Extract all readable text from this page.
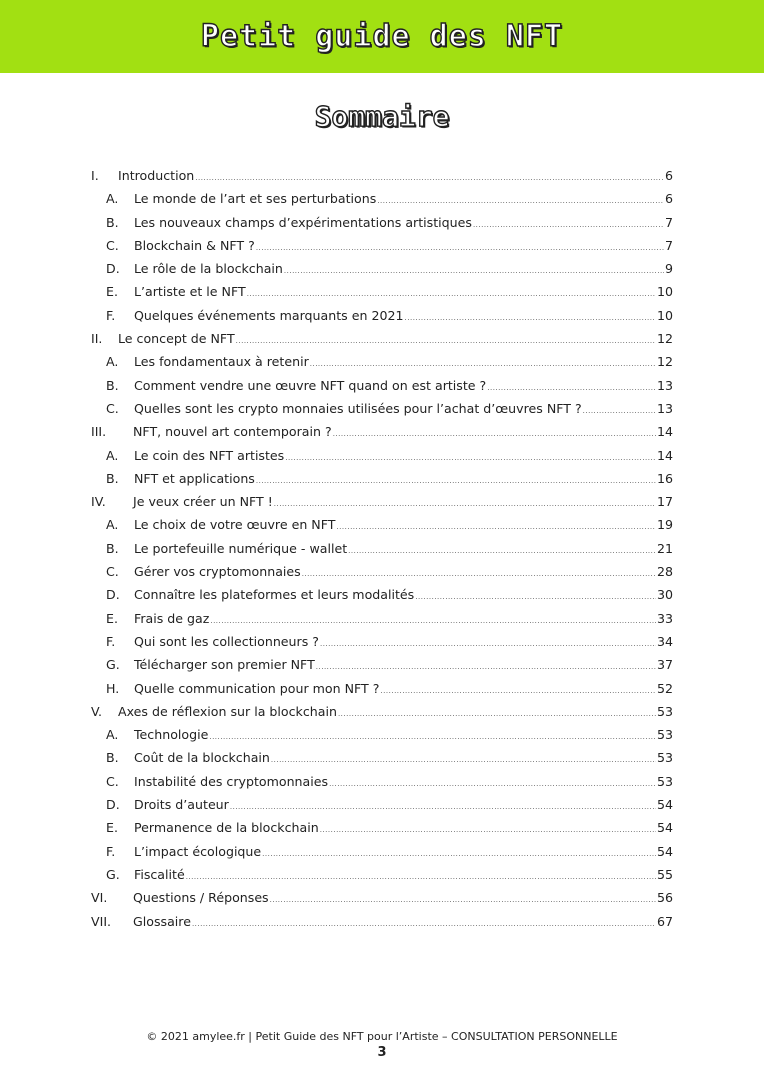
Petit guide des NFT
Sommaire
I.	Introduction .....	6
A.	Le monde de l’art et ses perturbations .....	6
B.	Les nouveaux champs d’expérimentations artistiques .....	7
C.	Blockchain & NFT ? .....	7
D.	Le rôle de la blockchain .....	9
E.	L’artiste et le NFT .....	10
F.	Quelques événements marquants en 2021 .....	10
II.	Le concept de NFT .....	12
A.	Les fondamentaux à retenir .....	12
B.	Comment vendre une œuvre NFT quand on est artiste ? .....	13
C.	Quelles sont les crypto monnaies utilisées pour l’achat d’œuvres NFT ? .....	13
III.	NFT, nouvel art contemporain ? .....	14
A.	Le coin des NFT artistes .....	14
B.	NFT et applications .....	16
IV.	Je veux créer un NFT ! .....	17
A.	Le choix de votre œuvre en NFT .....	19
B.	Le portefeuille numérique - wallet .....	21
C.	Gérer vos cryptomonnaies .....	28
D.	Connaître les plateformes et leurs modalités .....	30
E.	Frais de gaz .....	33
F.	Qui sont les collectionneurs ? .....	34
G.	Télécharger son premier NFT .....	37
H.	Quelle communication pour mon NFT ? .....	52
V.	Axes de réflexion sur la blockchain .....	53
A.	Technologie .....	53
B.	Coût de la blockchain .....	53
C.	Instabilité des cryptomonnaies .....	53
D.	Droits d’auteur .....	54
E.	Permanence de la blockchain .....	54
F.	L’impact écologique .....	54
G.	Fiscalité .....	55
VI.	Questions / Réponses .....	56
VII.	Glossaire .....	67
© 2021 amylee.fr | Petit Guide des NFT pour l’Artiste – CONSULTATION PERSONNELLE
3
